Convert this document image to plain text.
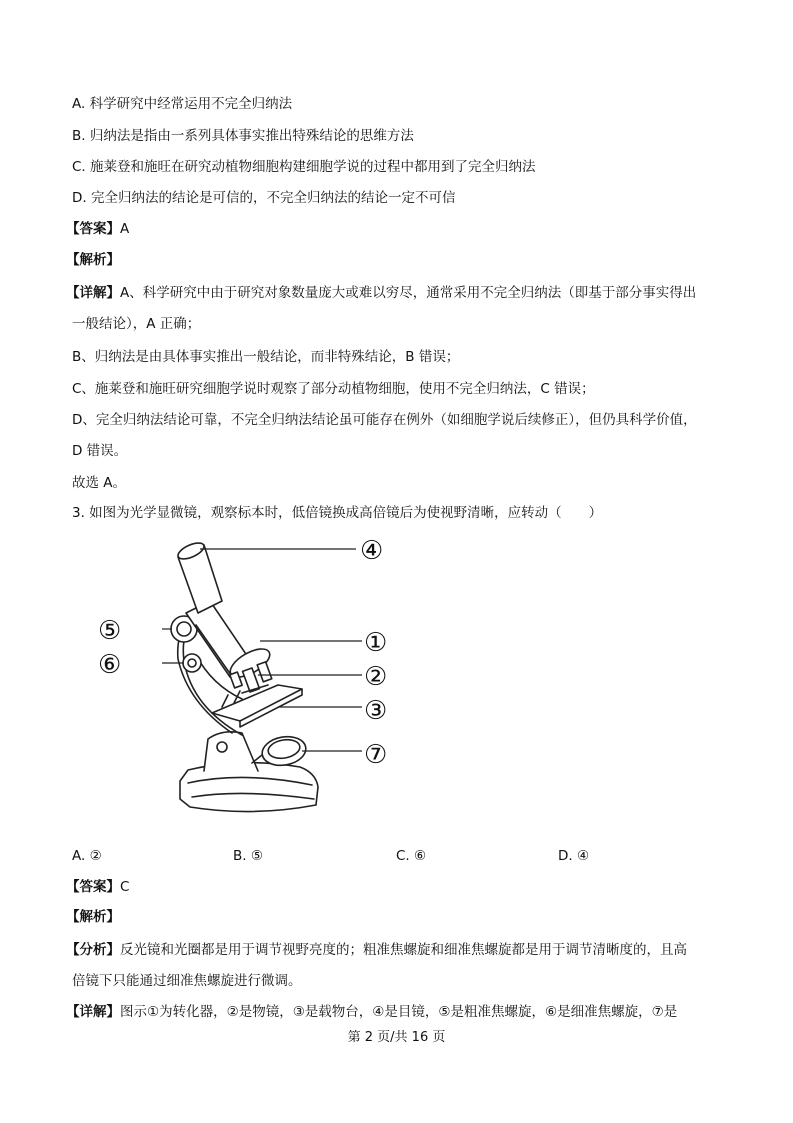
A. 科学研究中经常运用不完全归纳法
B. 归纳法是指由一系列具体事实推出特殊结论的思维方法
C. 施莱登和施旺在研究动植物细胞构建细胞学说的过程中都用到了完全归纳法
D. 完全归纳法的结论是可信的，不完全归纳法的结论一定不可信
【答案】A
【解析】
【详解】A、科学研究中由于研究对象数量庞大或难以穷尽，通常采用不完全归纳法（即基于部分事实得出
一般结论），A 正确；
B、归纳法是由具体事实推出一般结论，而非特殊结论，B 错误；
C、施莱登和施旺研究细胞学说时观察了部分动植物细胞，使用不完全归纳法，C 错误；
D、完全归纳法结论可靠，不完全归纳法结论虽可能存在例外（如细胞学说后续修正），但仍具科学价值，
D 错误。
故选 A。
3. 如图为光学显微镜，观察标本时，低倍镜换成高倍镜后为使视野清晰，应转动（　　）
④
⑤
⑥
①
②
③
⑦
A. ②	B. ⑤	C. ⑥	D. ④
【答案】C
【解析】
【分析】反光镜和光圈都是用于调节视野亮度的；粗准焦螺旋和细准焦螺旋都是用于调节清晰度的，且高
倍镜下只能通过细准焦螺旋进行微调。
【详解】图示①为转化器，②是物镜，③是载物台，④是目镜，⑤是粗准焦螺旋，⑥是细准焦螺旋，⑦是
第 2 页/共 16 页
